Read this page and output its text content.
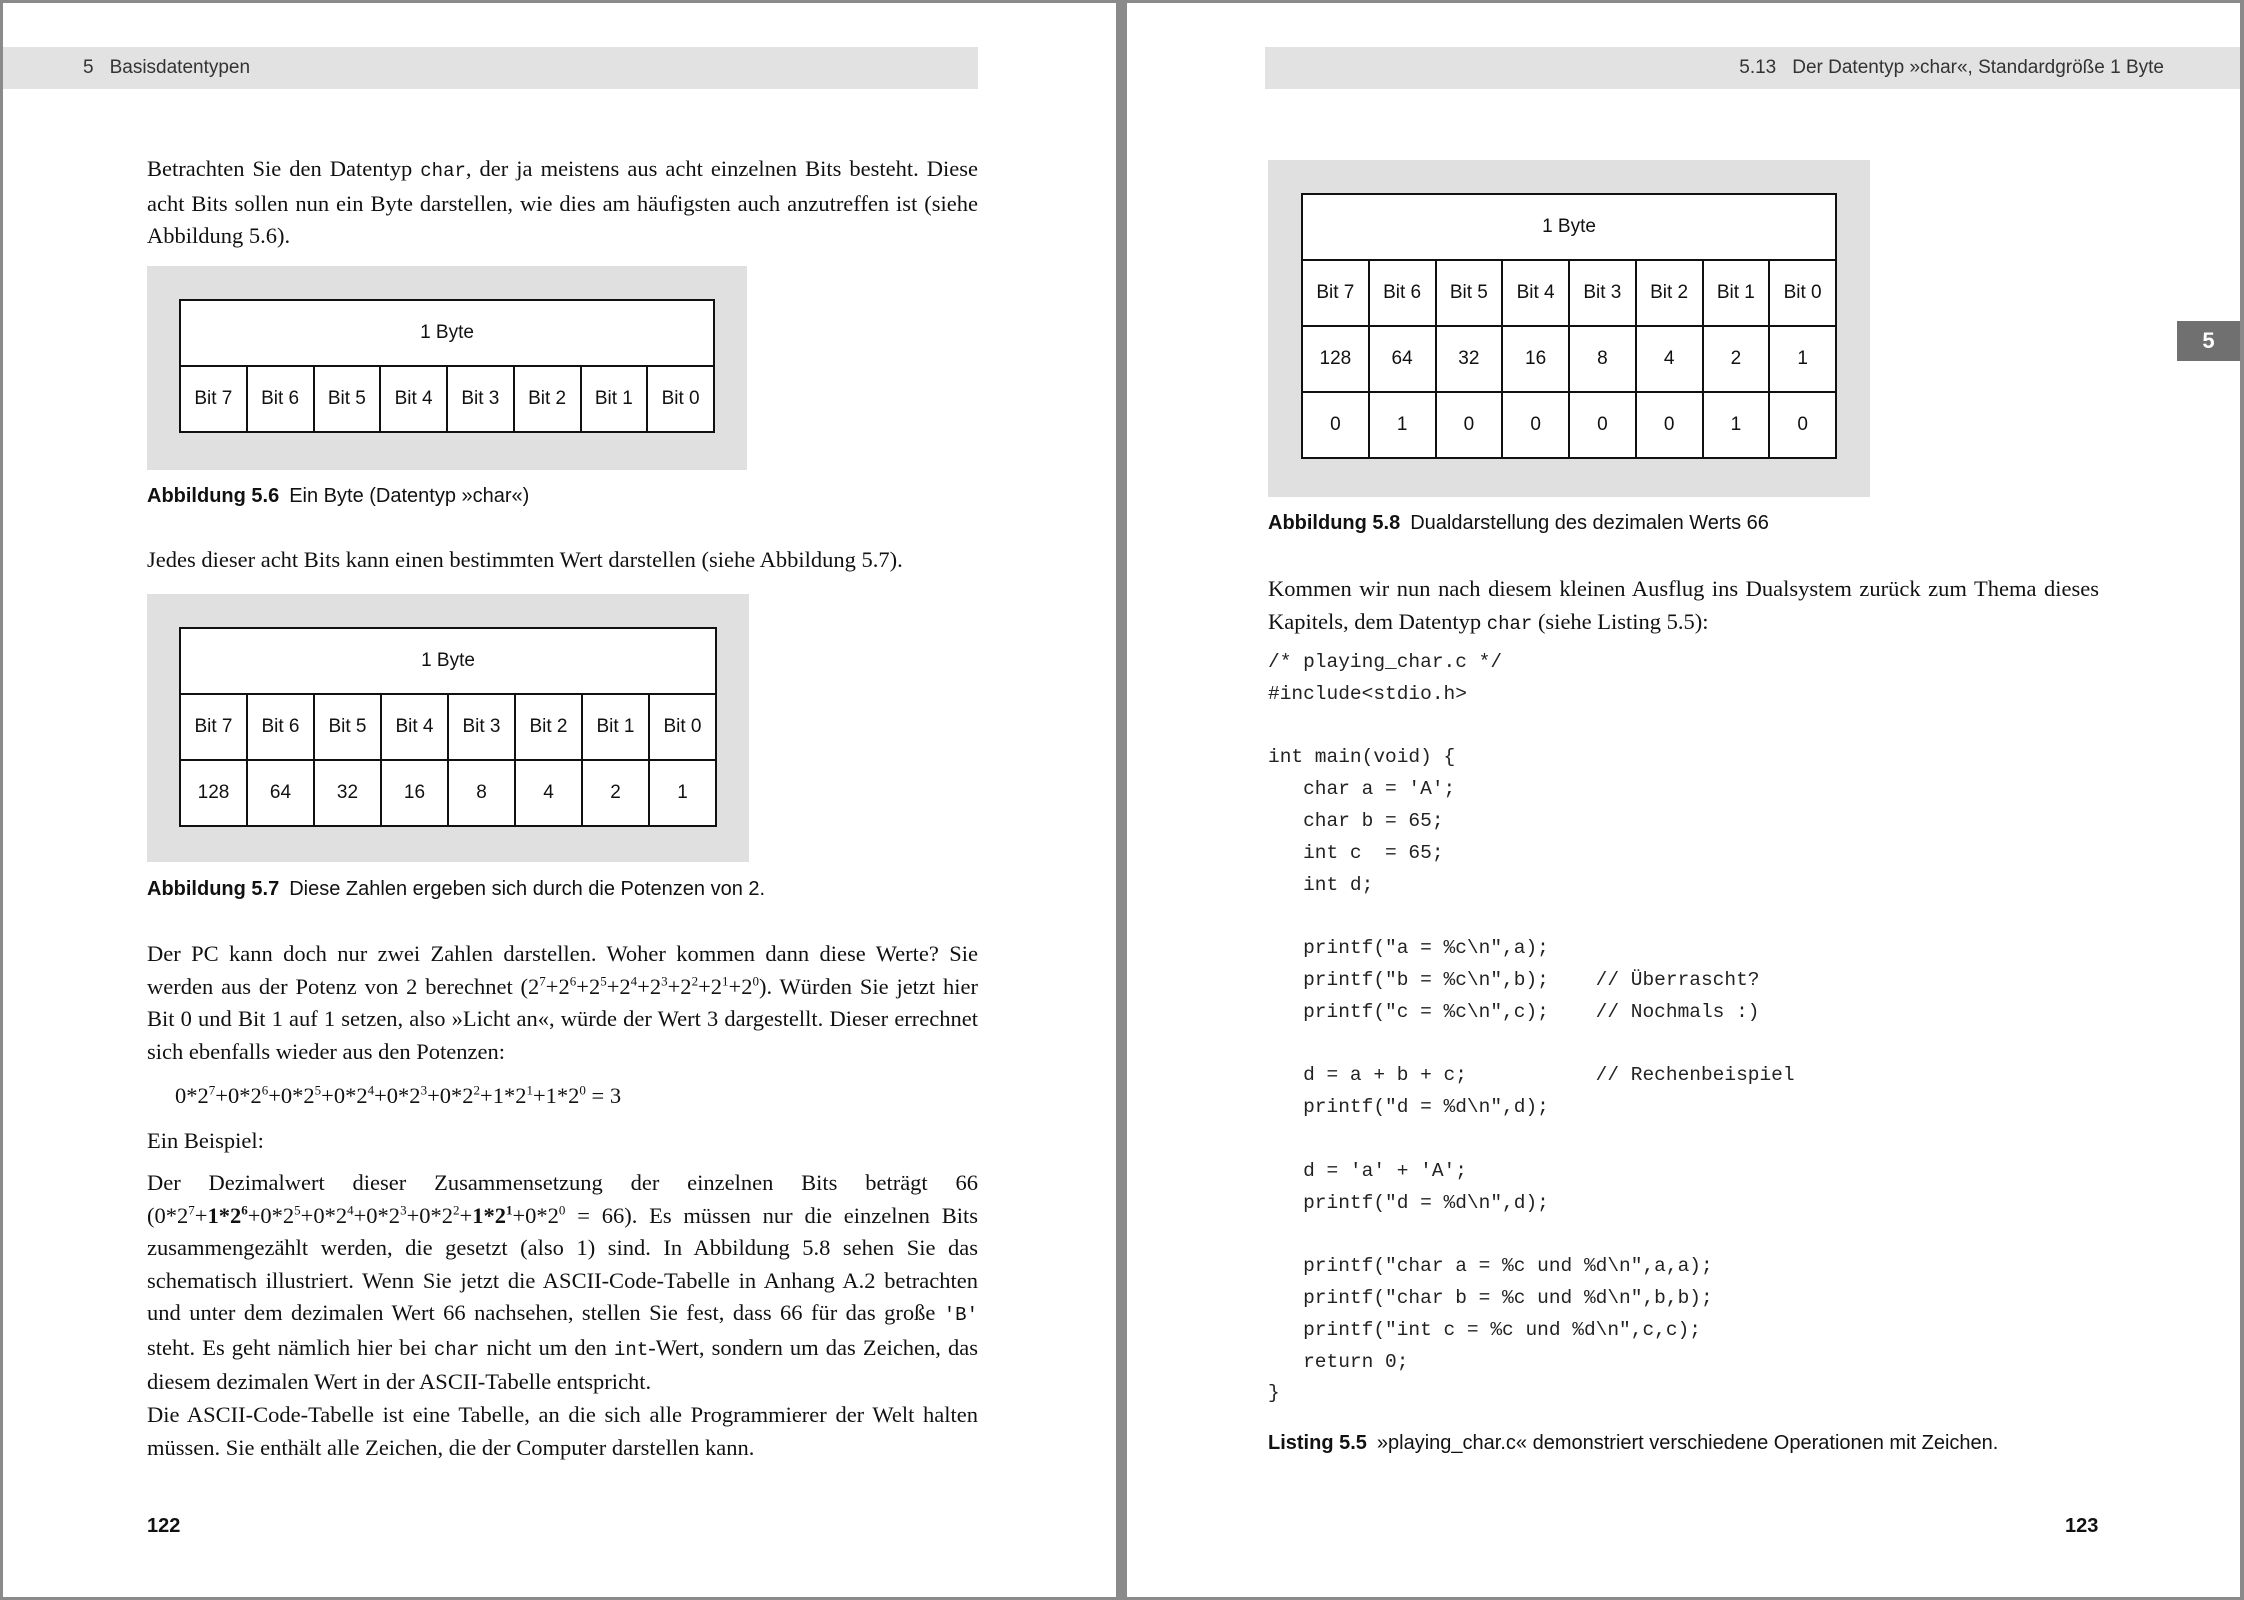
5 Basisdatentypen

Betrachten Sie den Datentyp char, der ja meistens aus acht einzelnen Bits besteht. Diese acht Bits sollen nun ein Byte darstellen, wie dies am häufigsten auch anzutreffen ist (siehe Abbildung 5.6).

1 Byte
Bit 7	Bit 6	Bit 5	Bit 4	Bit 3	Bit 2	Bit 1	Bit 0

Abbildung 5.6 Ein Byte (Datentyp »char«)

Jedes dieser acht Bits kann einen bestimmten Wert darstellen (siehe Abbildung 5.7).

1 Byte							
Bit 7	Bit 6	Bit 5	Bit 4	Bit 3	Bit 2	Bit 1	Bit 0
128	64	32	16	8	4	2	1

Abbildung 5.7 Diese Zahlen ergeben sich durch die Potenzen von 2.

Der PC kann doch nur zwei Zahlen darstellen. Woher kommen dann diese Werte? Sie werden aus der Potenz von 2 berechnet $(2^7+2^6+2^5+2^4+2^3+2^2+2^1+2^0)$. Würden Sie jetzt hier Bit 0 und Bit 1 auf 1 setzen, also »Licht an«, würde der Wert 3 dargestellt. Dieser errechnet sich ebenfalls wieder aus den Potenzen:

$0*2^7+0*2^6+0*2^5+0*2^4+0*2^3+0*2^2+1*2^1+1*2^0 = 3$

Ein Beispiel:

Der Dezimalwert dieser Zusammensetzung der einzelnen Bits beträgt 66 $(0*2^7+1*2^6+0*2^5+0*2^4+0*2^3+0*2^2+1*2^1+0*2^0 = 66)$. Es müssen nur die einzelnen Bits zusammengezählt werden, die gesetzt (also 1) sind. In Abbildung 5.8 sehen Sie das schematisch illustriert. Wenn Sie jetzt die ASCII-Code-Tabelle in Anhang A.2 betrachten und unter dem dezimalen Wert 66 nachsehen, stellen Sie fest, dass 66 für das große 'B' steht. Es geht nämlich hier bei char nicht um den int-Wert, sondern um das Zeichen, das diesem dezimalen Wert in der ASCII-Tabelle entspricht.

Die ASCII-Code-Tabelle ist eine Tabelle, an die sich alle Programmierer der Welt halten müssen. Sie enthält alle Zeichen, die der Computer darstellen kann.

122
5.13 Der Datentyp »char«, Standardgröße 1 Byte
5
1 Byte							
Bit 7	Bit 6	Bit 5	Bit 4	Bit 3	Bit 2	Bit 1	Bit 0
128	64	32	16	8	4	2	1
0	1	0	0	0	0	1	0

Abbildung 5.8 Dualdarstellung des dezimalen Werts 66

Kommen wir nun nach diesem kleinen Ausflug ins Dualsystem zurück zum Thema dieses Kapitels, dem Datentyp char (siehe Listing 5.5):

/* playing_char.c */
#include<stdio.h>

int main(void) {
char a = 'A';
char b = 65;
int c  = 65;
int d;

printf("a = %c\n",a);
printf("b = %c\n",b);    // Überrascht?
printf("c = %c\n",c);    // Nochmals :)

d = a + b + c;           // Rechenbeispiel
printf("d = %d\n",d);

d = 'a' + 'A';
printf("d = %d\n",d);

printf("char a = %c und %d\n",a,a);
printf("char b = %c und %d\n",b,b);
printf("int c = %c und %d\n",c,c);
return 0;
}

Listing 5.5 »playing_char.c« demonstriert verschiedene Operationen mit Zeichen.

123
